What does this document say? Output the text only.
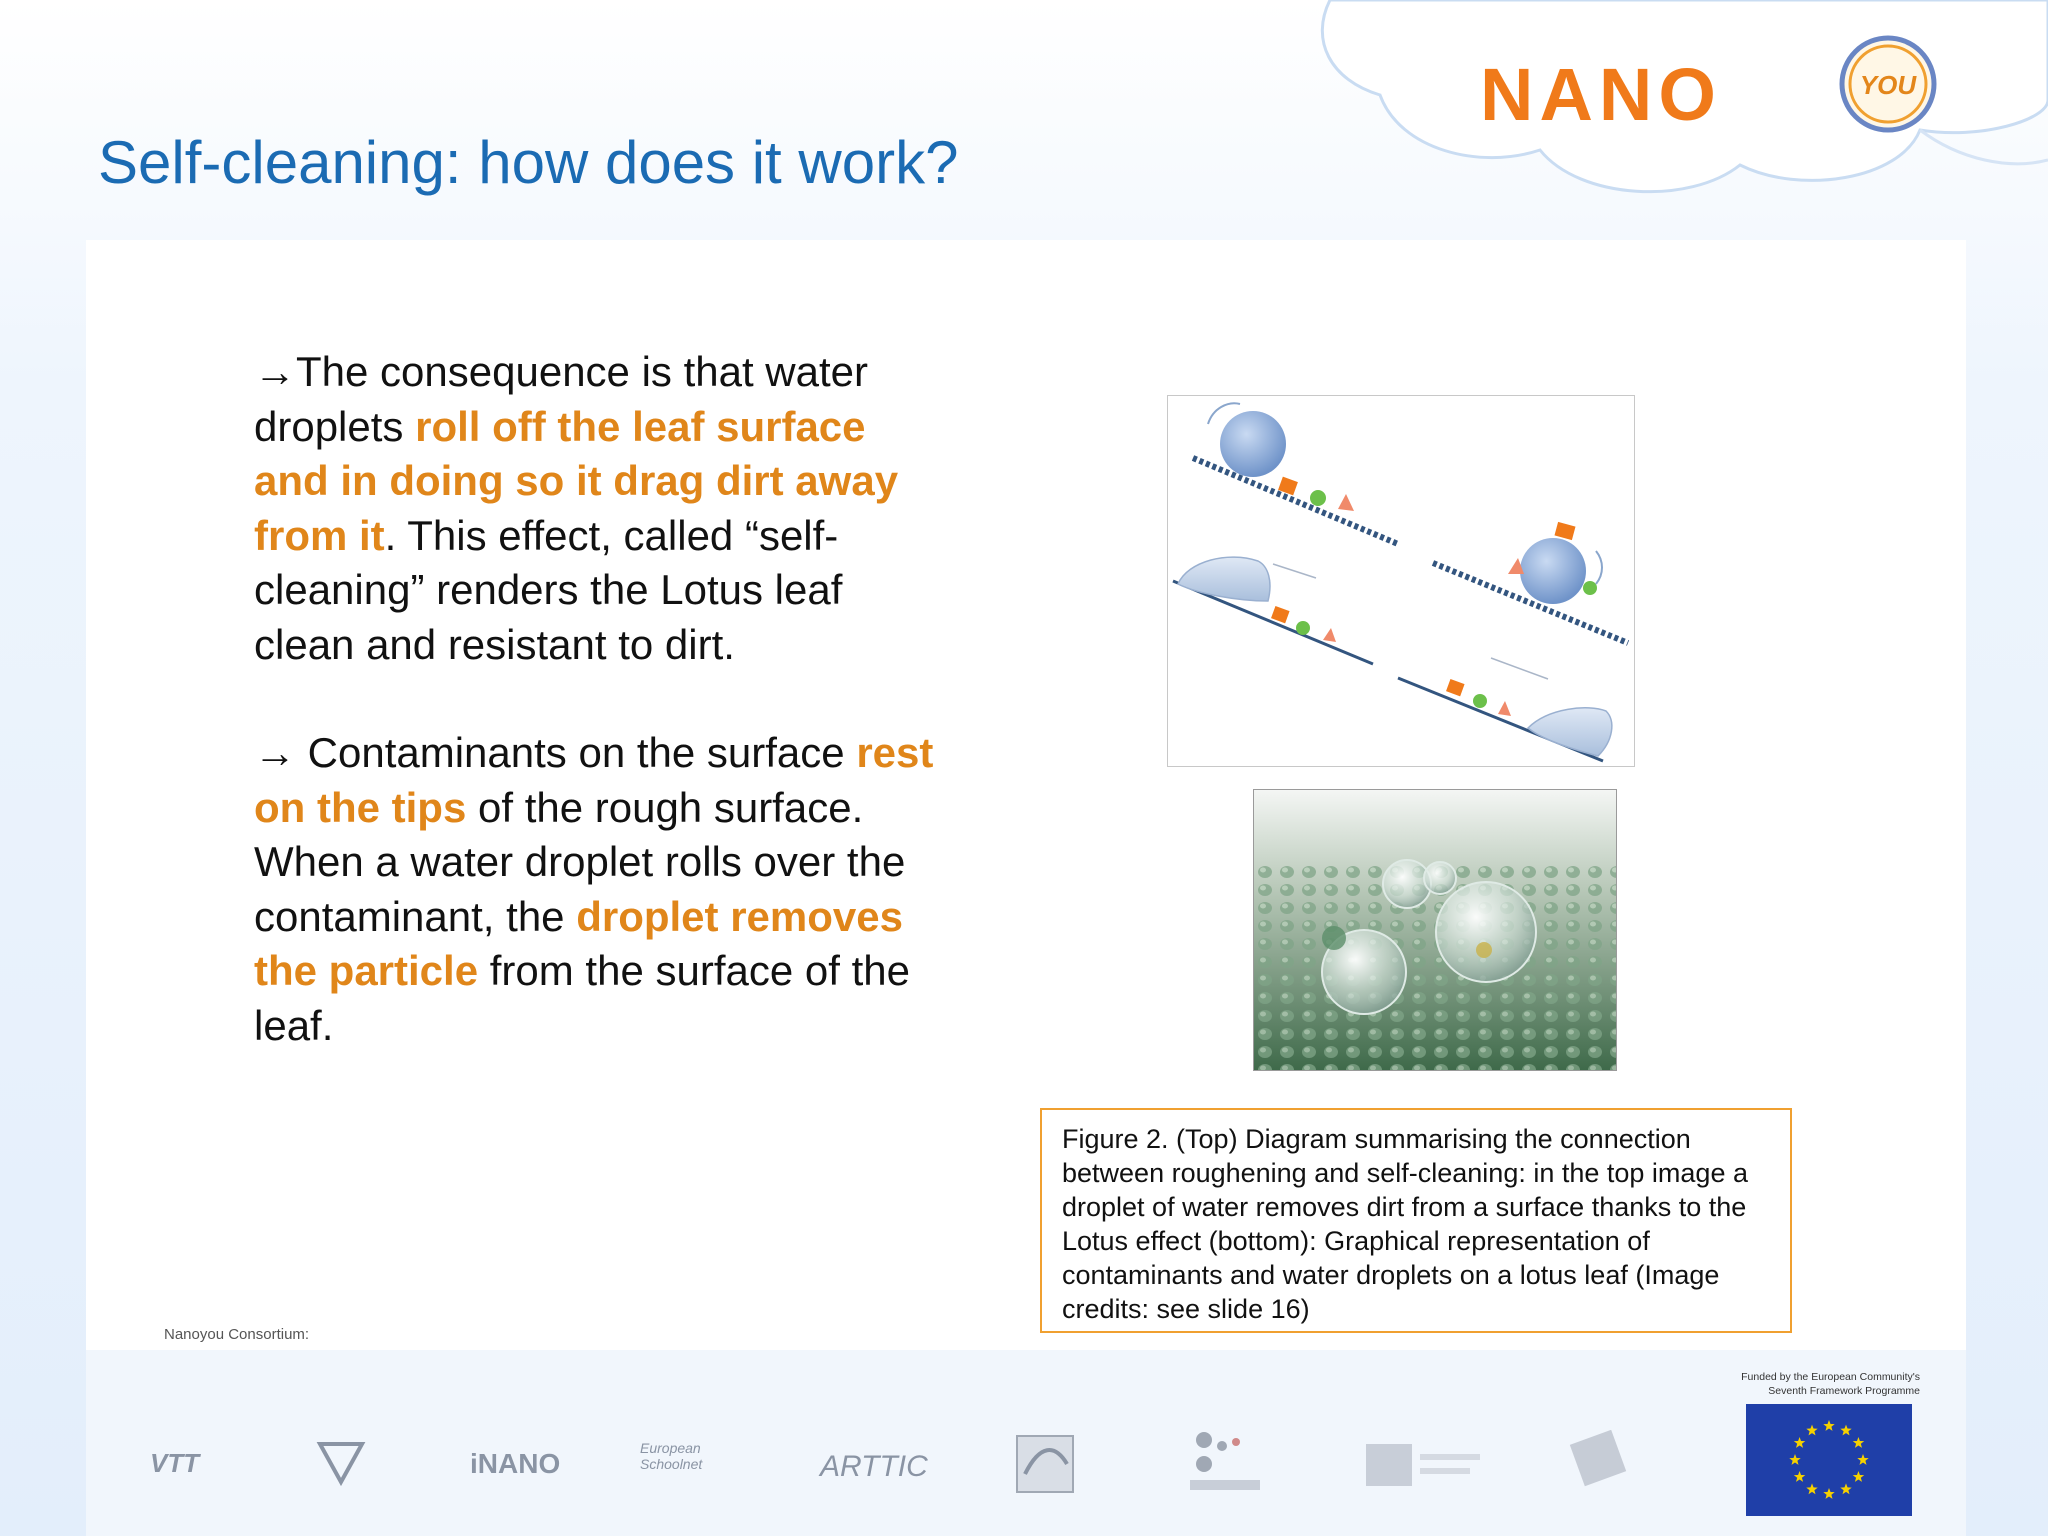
Self-cleaning: how does it work?
NANO	YOU

→The consequence is that water droplets roll off the leaf surface and in doing so it drag dirt away from it. This effect, called “self-cleaning” renders the Lotus leaf clean and resistant to dirt.

→ Contaminants on the surface rest on the tips of the rough surface. When a water droplet rolls over the contaminant, the droplet removes the particle from the surface of the leaf.

Figure 2. (Top) Diagram summarising the connection between roughening and self-cleaning: in the top image a droplet of water removes dirt from a surface thanks to the Lotus effect (bottom): Graphical representation of contaminants and water droplets on a lotus leaf (Image credits: see slide 16)
Nanoyou Consortium:
VTT	iNANO	European Schoolnet	ARTTIC
Funded by the European Community's
Seventh Framework Programme
